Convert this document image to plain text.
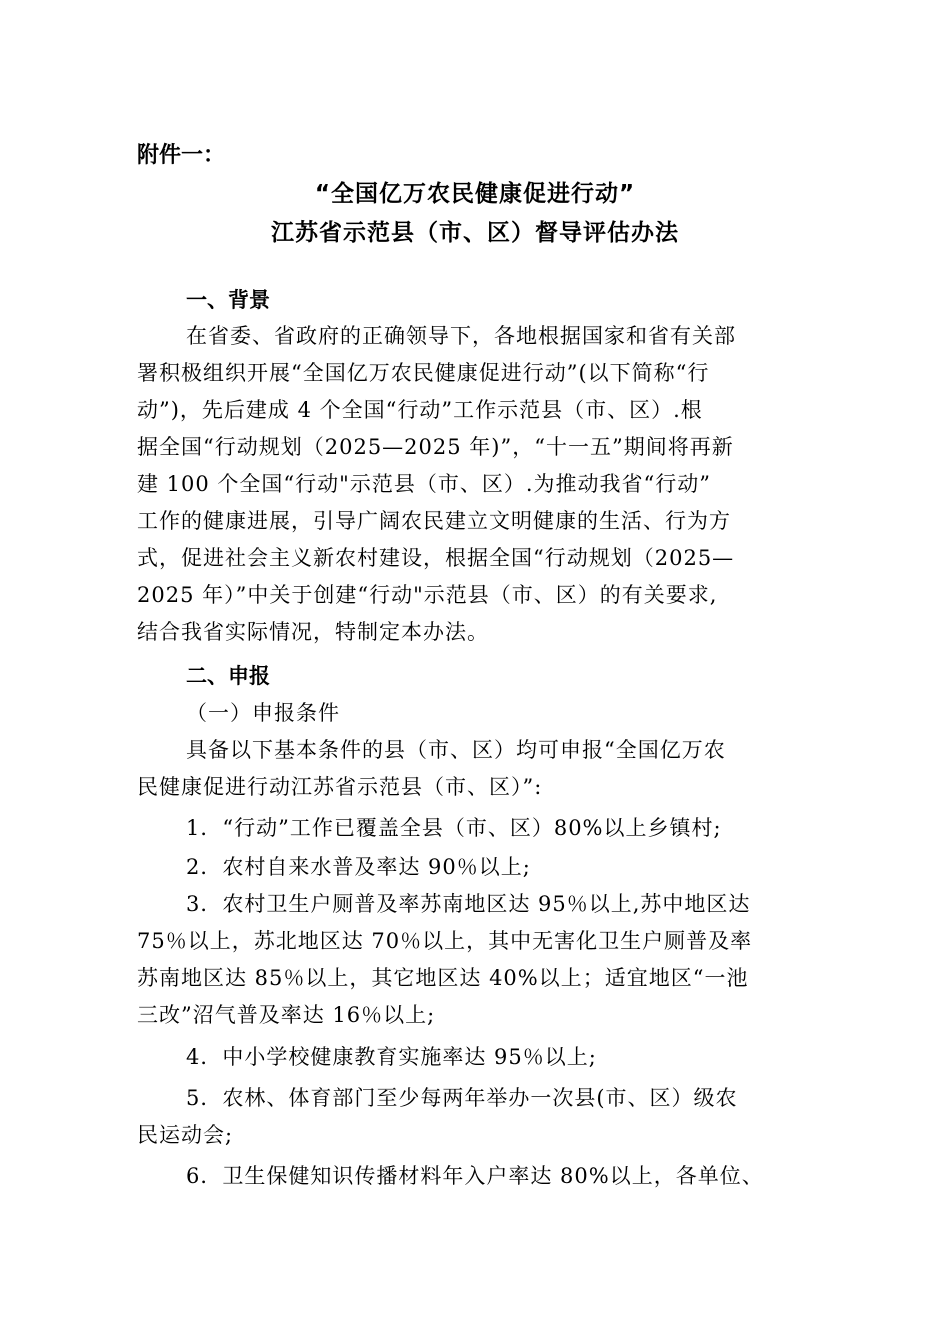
附件一：
“全国亿万农民健康促进行动”
江苏省示范县（市、区）督导评估办法
一、背景
在省委、省政府的正确领导下，各地根据国家和省有关部
署积极组织开展“全国亿万农民健康促进行动”(以下简称“行
动”)，先后建成 4 个全国“行动”工作示范县（市、区）.根
据全国“行动规划（2025—2025 年)”，“十一五”期间将再新
建 100 个全国“行动"示范县（市、区）.为推动我省“行动”
工作的健康进展，引导广阔农民建立文明健康的生活、行为方
式，促进社会主义新农村建设，根据全国“行动规划（2025—
2025 年）”中关于创建“行动"示范县（市、区）的有关要求,
结合我省实际情况，特制定本办法。
二、申报
（一）申报条件
具备以下基本条件的县（市、区）均可申报“全国亿万农
民健康促进行动江苏省示范县（市、区）”:
1．“行动”工作已覆盖全县（市、区）80%以上乡镇村;
2．农村自来水普及率达 90％以上;
3．农村卫生户厕普及率苏南地区达 95％以上,苏中地区达
75％以上，苏北地区达 70％以上，其中无害化卫生户厕普及率
苏南地区达 85％以上，其它地区达 40%以上；适宜地区“一池
三改”沼气普及率达 16％以上;
4．中小学校健康教育实施率达 95％以上;
5．农林、体育部门至少每两年举办一次县(市、区）级农
民运动会;
6．卫生保健知识传播材料年入户率达 80%以上，各单位、
